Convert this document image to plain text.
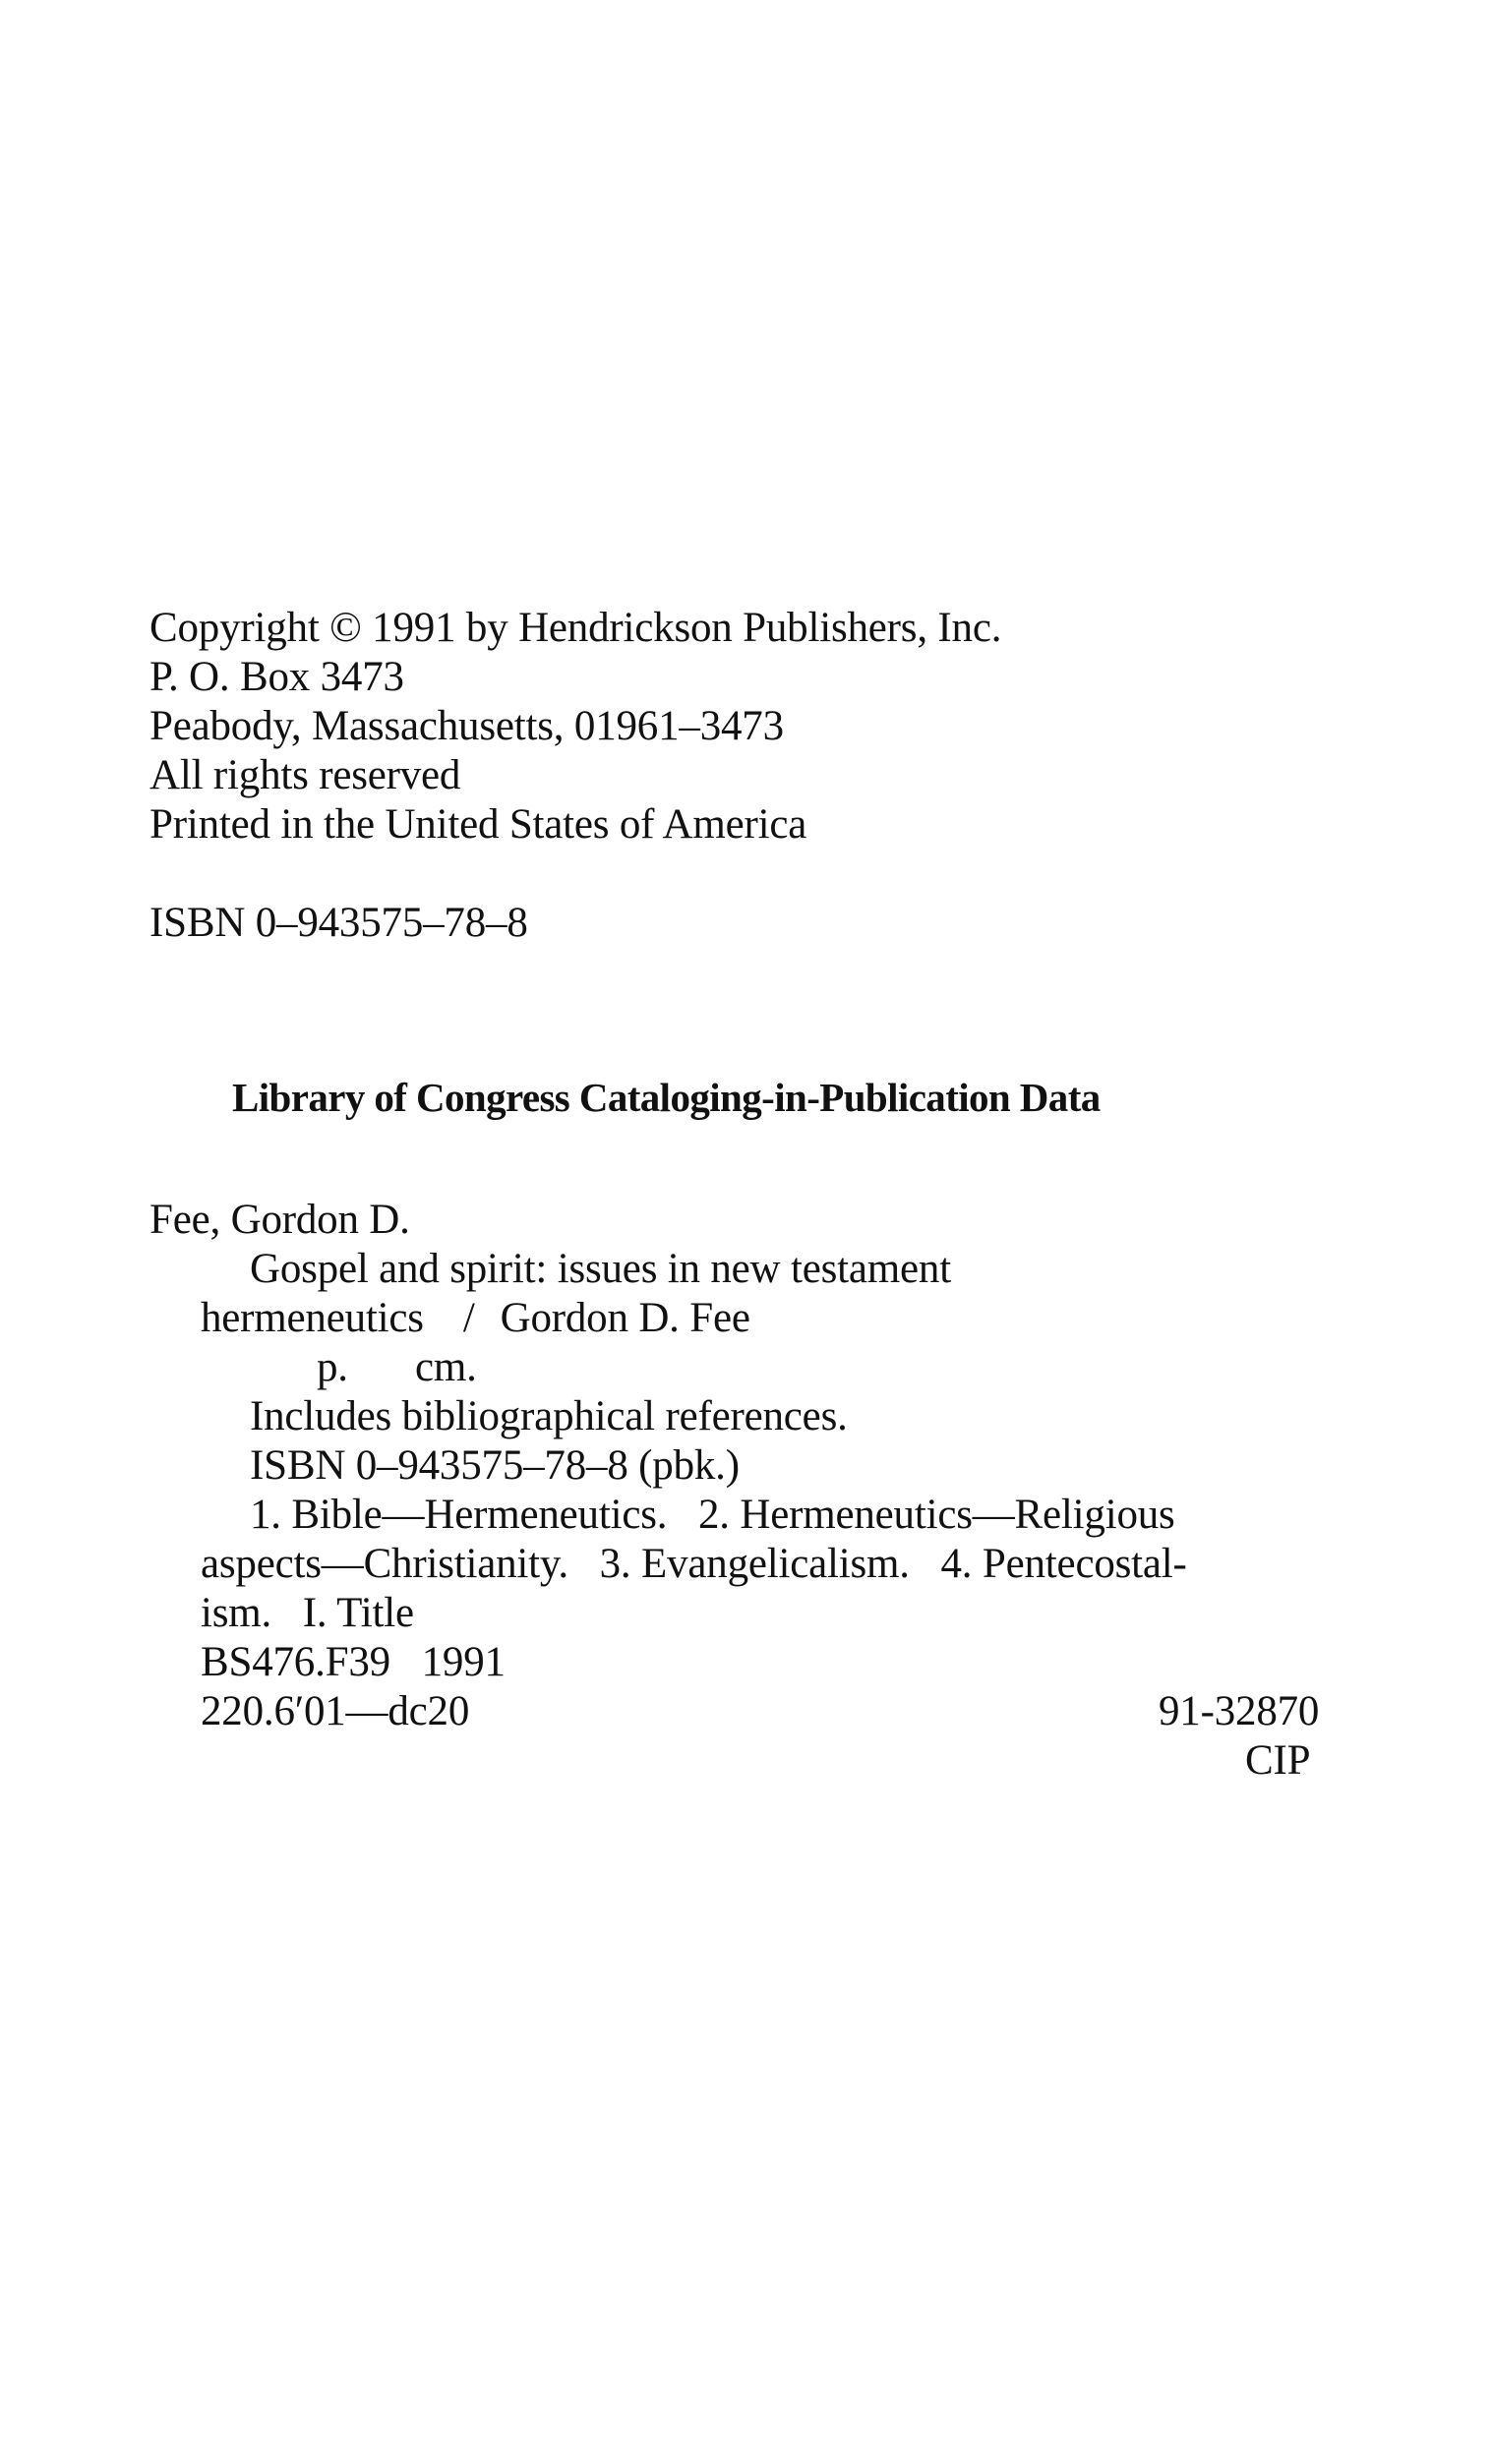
Copyright © 1991 by Hendrickson Publishers, Inc.
P. O. Box 3473
Peabody, Massachusetts, 01961–3473
All rights reserved
Printed in the United States of America
ISBN 0–943575–78–8
Library of Congress Cataloging-in-Publication Data
Fee, Gordon D.
Gospel and spirit: issues in new testament
hermeneutics / Gordon D. Fee
p. cm.
Includes bibliographical references.
ISBN 0–943575–78–8 (pbk.)
1. Bible—Hermeneutics.   2. Hermeneutics—Religious
aspects—Christianity.   3. Evangelicalism.   4. Pentecostal-
ism.   I. Title
BS476.F39   1991
220.6′01—dc20	91-32870
CIP
